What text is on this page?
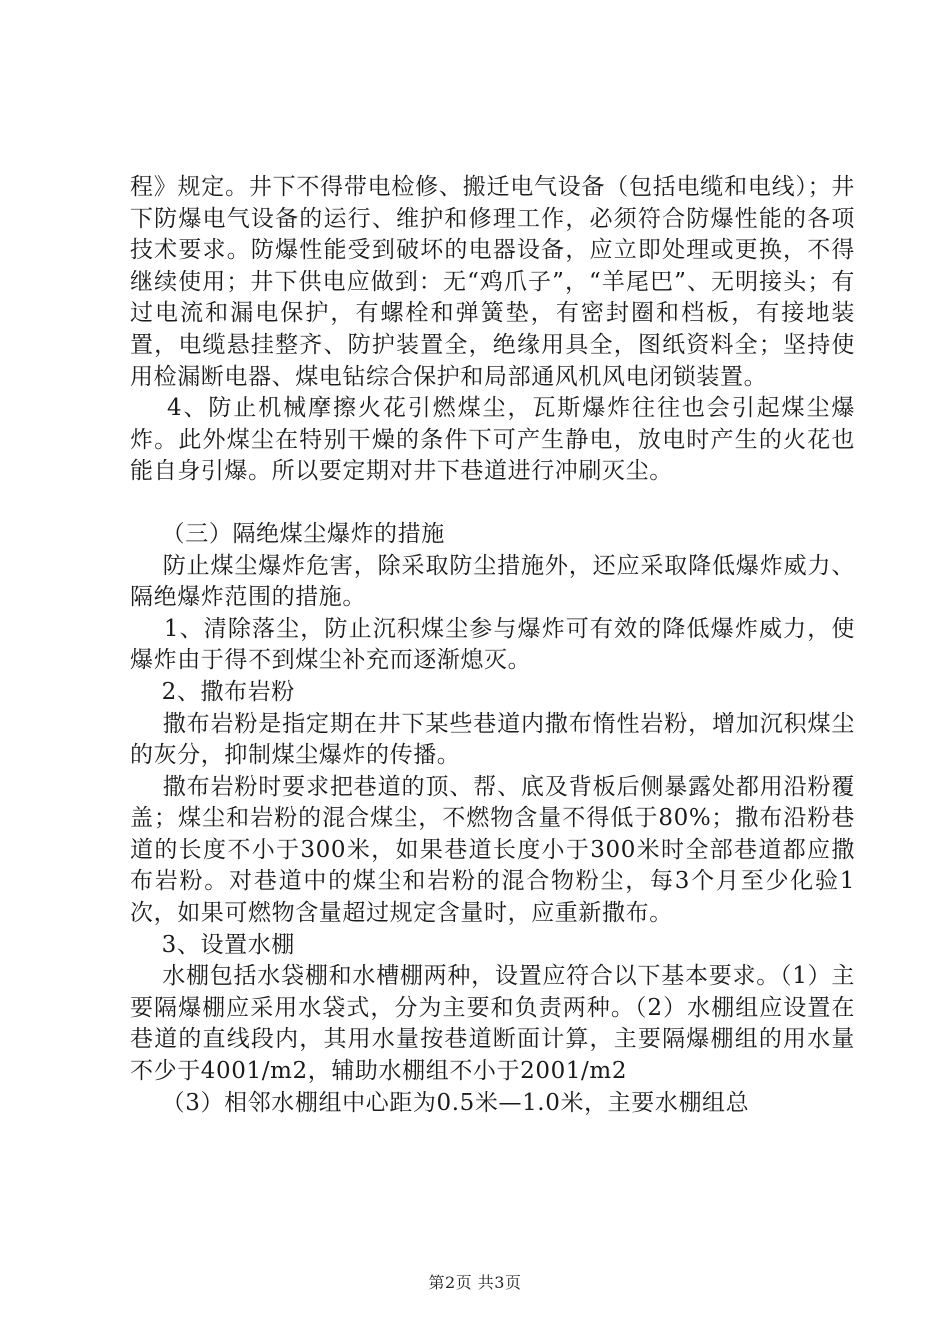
程》规定。井下不得带电检修、搬迁电气设备（包括电缆和电线）；井下防爆电气设备的运行、维护和修理工作，必须符合防爆性能的各项技术要求。防爆性能受到破坏的电器设备，应立即处理或更换，不得继续使用；井下供电应做到：无“鸡爪子”，“羊尾巴”、无明接头；有过电流和漏电保护，有螺栓和弹簧垫，有密封圈和档板，有接地装置，电缆悬挂整齐、防护装置全，绝缘用具全，图纸资料全；坚持使用检漏断电器、煤电钻综合保护和局部通风机风电闭锁装置。

4、防止机械摩擦火花引燃煤尘，瓦斯爆炸往往也会引起煤尘爆炸。此外煤尘在特别干燥的条件下可产生静电，放电时产生的火花也能自身引爆。所以要定期对井下巷道进行冲刷灭尘。

（三）隔绝煤尘爆炸的措施

防止煤尘爆炸危害，除采取防尘措施外，还应采取降低爆炸威力、隔绝爆炸范围的措施。

1、清除落尘，防止沉积煤尘参与爆炸可有效的降低爆炸威力，使爆炸由于得不到煤尘补充而逐渐熄灭。

2、撒布岩粉

撒布岩粉是指定期在井下某些巷道内撒布惰性岩粉，增加沉积煤尘的灰分，抑制煤尘爆炸的传播。

撒布岩粉时要求把巷道的顶、帮、底及背板后侧暴露处都用沿粉覆盖；煤尘和岩粉的混合煤尘，不燃物含量不得低于80%；撒布沿粉巷道的长度不小于300米，如果巷道长度小于300米时全部巷道都应撒布岩粉。对巷道中的煤尘和岩粉的混合物粉尘，每3个月至少化验1次，如果可燃物含量超过规定含量时，应重新撒布。

3、设置水棚

水棚包括水袋棚和水槽棚两种，设置应符合以下基本要求。（1）主要隔爆棚应采用水袋式，分为主要和负责两种。（2）水棚组应设置在巷道的直线段内，其用水量按巷道断面计算，主要隔爆棚组的用水量不少于4001/m2，辅助水棚组不小于2001/m2

（3）相邻水棚组中心距为0.5米—1.0米，主要水棚组总

第2页 共3页
